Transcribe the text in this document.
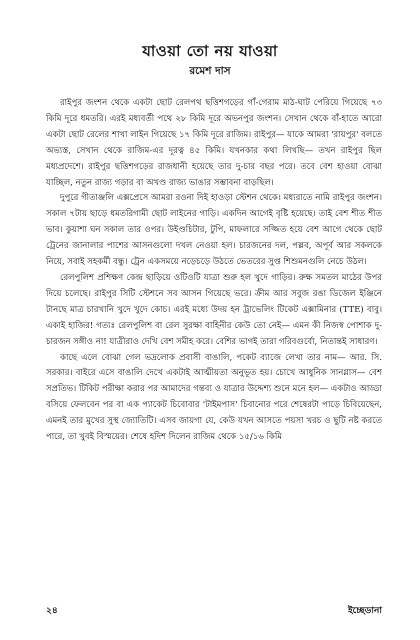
যাওয়া তো নয় যাওয়া
রমেশ দাস

রাইপুর জংশন থেকে একটা ছোট রেলপথ ছত্তিশগড়ের গাঁ-গেরাম মাঠ-ঘাট পেরিয়ে গিয়েছে ৭৩ কিমি দূরে ধমতরি। এরই মধ্যবর্তী পথে ২৮ কিমি দূরে অভনপুর জংশন। সেখান থেকে বাঁ-হাতে আরো একটা ছোট রেলের শাখা লাইন গিয়েছে ১৭ কিমি দূরে রাজিম। রাইপুর— যাকে আমরা 'রায়পুর' বলতে অভ্যস্ত, সেখান থেকে রাজিম-এর দূরত্ব ৪৫ কিমি। যখনকার কথা লিখছি— তখন রাইপুর ছিল মধ্যপ্রদেশে। রাইপুর ছত্তিশগড়ের রাজধানী হয়েছে তার দু-চার বছর পরে। তবে বেশ হাওয়া বোঝা যাচ্ছিল, নতুন রাজ্য গড়ার বা অখণ্ড রাজ্য ভাঙার সম্ভাবনা বাড়ছিল।

দুপুরে গীতাঞ্জলি এক্সপ্রেসে আমরা রওনা দিই হাওড়া স্টেশন থেকে। মধ্যরাতে নামি রাইপুর জংশন। সকাল ৭টায় ছাড়ে ধমতরিগামী ছোট লাইনের গাড়ি। একদিন আগেই বৃষ্টি হয়েছে। তাই বেশ শীত শীত ভাব। কুয়াশা ঘন সকাল তার ওপর। উইণ্ডচিটার, টুপি, মাফলারে সজ্জিত হয়ে বেশ আগে থেকে ছোট ট্রেনের জানালার পাশের আসনগুলো দখল নেওয়া হল। চারজনের দল, পল্লব, অপূর্ব আর সকলকে নিয়ে, সবাই সহকর্মী বন্ধু। ট্রেন একসময়ে নড়েচড়ে উঠতে ভেতরের সুপ্ত শিশুমনগুলি নেচে উঠল।

রেলপুলিশ প্রশিক্ষণ কেন্দ্র ছাড়িয়ে ওটিওটি যাত্রা শুরু হল খুদে গাড়ির। রুক্ষ সমতল মাঠের উপর দিয়ে চলেছে। রাইপুর সিটি স্টেশনে সব আসন গিয়েছে ভরে। ক্রীম আর সবুজ রঙা ডিজেল ইঞ্জিনে টানছে মাত্র চারখানি খুদে খুদে কোচ। এরই মধ্যে উদয় হন ট্রাভেলিং টিকেট এক্সামিনার (TTE) বাবু। একাই হাজির! গত্যঃ রেলপুলিশ বা রেল সুরক্ষা বাহিনীর কেউ তো নেই— এমন কী নিজস্ব পোশাক দু-চারজন সঙ্গীও না! যাত্রীরাও দেখি বেশ সমীহ করে। বেশির ভাগই তারা গরিবগুর্বো, নিতান্তই সাধারণ।

কাছে এলে বোঝা গেল ভদ্রলোক প্রবাসী বাঙালি, পকেট ব্যাজে লেখা তার নাম— আর. সি. সরকার। বাইরে এসে বাঙালি দেখে একটাই আত্মীয়তা অনুভূত হয়। চোখে আধুনিক সানগ্লাস— বেশ সপ্রতিভ। টিকিট পরীক্ষা করার পর আমাদের গন্তব্য ও যাত্রার উদ্দেশ্য শুনে মনে হল— একটাও আড্ডা বসিয়ে ফেলবেন পর বা এক প্যাকেট চিবোবার 'টাইমপাস' চিবানোর পরে শেষেরটা পাড়ে চিবিয়েছেন, এমনই তার মুখের সুস্থ জ্যোতিটি। এসব জায়গা যে, কেউ যখন আসতে পয়সা খরচ ও ছুটি নষ্ট করতে পারে, তা খুবই বিস্ময়ের। শেষে হদিশ দিলেন রাজিম থেকে ১৫/১৬ কিমি

২৪	ইচ্ছেডানা
